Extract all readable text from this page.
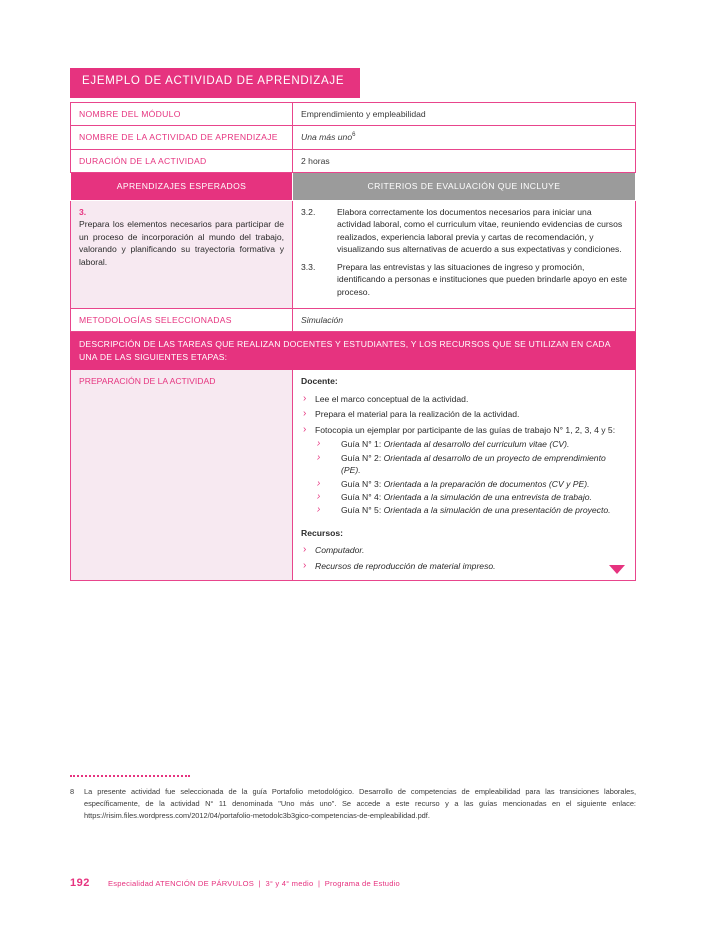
EJEMPLO DE ACTIVIDAD DE APRENDIZAJE
NOMBRE DEL MÓDULO	Emprendimiento y empleabilidad
NOMBRE DE LA ACTIVIDAD DE APRENDIZAJE	Una más uno$^6$
DURACIÓN DE LA ACTIVIDAD	2 horas
APRENDIZAJES ESPERADOS	CRITERIOS DE EVALUACIÓN QUE INCLUYE

3.
Prepara los elementos necesarios para participar de un proceso de incorporación al mundo del trabajo, valorando y planificando su trayectoria formativa y laboral.

3.2.	Elabora correctamente los documentos necesarios para iniciar una actividad laboral, como el curriculum vitae, reuniendo evidencias de cursos realizados, experiencia laboral previa y cartas de recomendación, y visualizando sus alternativas de acuerdo a sus expectativas y condiciones.

3.3.	Prepara las entrevistas y las situaciones de ingreso y promoción, identificando a personas e instituciones que pueden brindarle apoyo en este proceso.

METODOLOGÍAS SELECCIONADAS	Simulación
DESCRIPCIÓN DE LAS TAREAS QUE REALIZAN DOCENTES Y ESTUDIANTES, Y LOS RECURSOS QUE SE UTILIZAN EN CADA UNA DE LAS SIGUIENTES ETAPAS:	
PREPARACIÓN DE LA ACTIVIDAD	Docente:

› Lee el marco conceptual de la actividad.
› Prepara el material para la realización de la actividad.
› Fotocopia un ejemplar por participante de las guías de trabajo N° 1, 2, 3, 4 y 5:
› Guía N° 1: Orientada al desarrollo del curriculum vitae (CV).
› Guía N° 2: Orientada al desarrollo de un proyecto de emprendimiento (PE).
› Guía N° 3: Orientada a la preparación de documentos (CV y PE).
› Guía N° 4: Orientada a la simulación de una entrevista de trabajo.
› Guía N° 5: Orientada a la simulación de una presentación de proyecto.

Recursos:

› Computador.
› Recursos de reproducción de material impreso.
8	La presente actividad fue seleccionada de la guía Portafolio metodológico. Desarrollo de competencias de empleabilidad para las transiciones laborales, específicamente, de la actividad N° 11 denominada "Uno más uno". Se accede a este recurso y a las guías mencionadas en el siguiente enlace: https://risim.files.wordpress.com/2012/04/portafolio-metodolc3b3gico-competencias-de-empleabilidad.pdf.
192 Especialidad ATENCIÓN DE PÁRVULOS  |  3° y 4° medio  |  Programa de Estudio
